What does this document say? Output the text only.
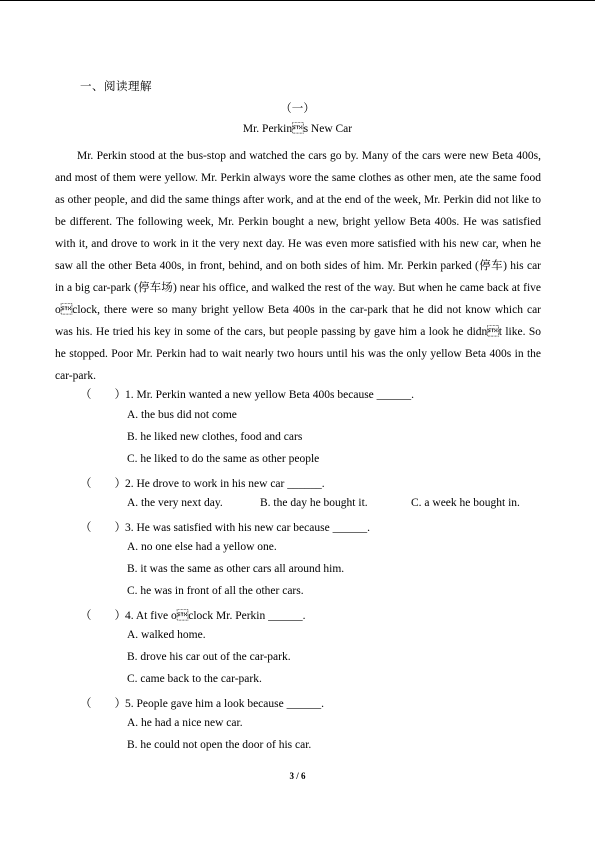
一、阅读理解
（一）
Mr. Perkins New Car

Mr. Perkin stood at the bus-stop and watched the cars go by. Many of the cars were new Beta 400s, and most of them were yellow. Mr. Perkin always wore the same clothes as other men, ate the same food as other people, and did the same things after work, and at the end of the week, Mr. Perkin did not like to be different. The following week, Mr. Perkin bought a new, bright yellow Beta 400s. He was satisfied with it, and drove to work in it the very next day. He was even more satisfied with his new car, when he saw all the other Beta 400s, in front, behind, and on both sides of him. Mr. Perkin parked (停车) his car in a big car-park (停车场) near his office, and walked the rest of the way. But when he came back at five oclock, there were so many bright yellow Beta 400s in the car-park that he did not know which car was his. He tried his key in some of the cars, but people passing by gave him a look he didnt like. So he stopped. Poor Mr. Perkin had to wait nearly two hours until his was the only yellow Beta 400s in the car-park.

（　　）1. Mr. Perkin wanted a new yellow Beta 400s because ______.
A. the bus did not come
B. he liked new clothes, food and cars
C. he liked to do the same as other people
（　　）2. He drove to work in his new car ______.
A. the very next day.	B. the day he bought it.	C. a week he bought in.
（　　）3. He was satisfied with his new car because ______.
A. no one else had a yellow one.
B. it was the same as other cars all around him.
C. he was in front of all the other cars.
（　　）4. At five oclock Mr. Perkin ______.
A. walked home.
B. drove his car out of the car-park.
C. came back to the car-park.
（　　）5. People gave him a look because ______.
A. he had a nice new car.
B. he could not open the door of his car.
3 / 6
